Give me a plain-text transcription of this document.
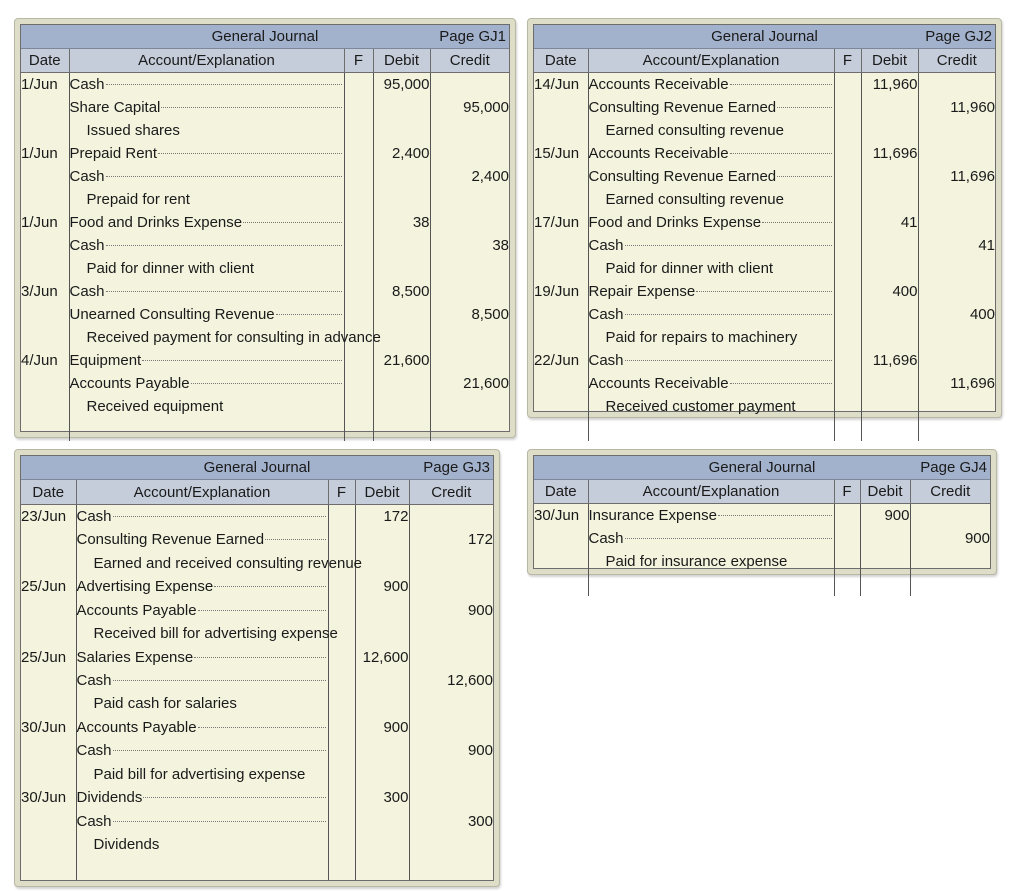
General Journal Page GJ1				

Date	Account/Explanation	F	Debit	Credit
1/Jun	Cash		95,000	

	Share Capital			95,000

	Issued shares			

1/Jun	Prepaid Rent		2,400	

	Cash			2,400

	Prepaid for rent			

1/Jun	Food and Drinks Expense		38	

	Cash			38

	Paid for dinner with client			

3/Jun	Cash		8,500	

	Unearned Consulting Revenue			8,500

	Received payment for consulting in advance			

4/Jun	Equipment		21,600	

	Accounts Payable			21,600

	Received equipment			

General Journal Page GJ2				

Date	Account/Explanation	F	Debit	Credit
14/Jun	Accounts Receivable		11,960	

	Consulting Revenue Earned			11,960

	Earned consulting revenue			

15/Jun	Accounts Receivable		11,696	

	Consulting Revenue Earned			11,696

	Earned consulting revenue			

17/Jun	Food and Drinks Expense		41	

	Cash			41

	Paid for dinner with client			

19/Jun	Repair Expense		400	

	Cash			400

	Paid for repairs to machinery			

22/Jun	Cash		11,696	

	Accounts Receivable			11,696

	Received customer payment			

General Journal Page GJ3				

Date	Account/Explanation	F	Debit	Credit
23/Jun	Cash		172	

	Consulting Revenue Earned			172

	Earned and received consulting revenue			

25/Jun	Advertising Expense		900	

	Accounts Payable			900

	Received bill for advertising expense			

25/Jun	Salaries Expense		12,600	

	Cash			12,600

	Paid cash for salaries			

30/Jun	Accounts Payable		900	

	Cash			900

	Paid bill for advertising expense			

30/Jun	Dividends		300	

	Cash			300

	Dividends			

General Journal Page GJ4				

Date	Account/Explanation	F	Debit	Credit
30/Jun	Insurance Expense		900	

	Cash			900

	Paid for insurance expense			
